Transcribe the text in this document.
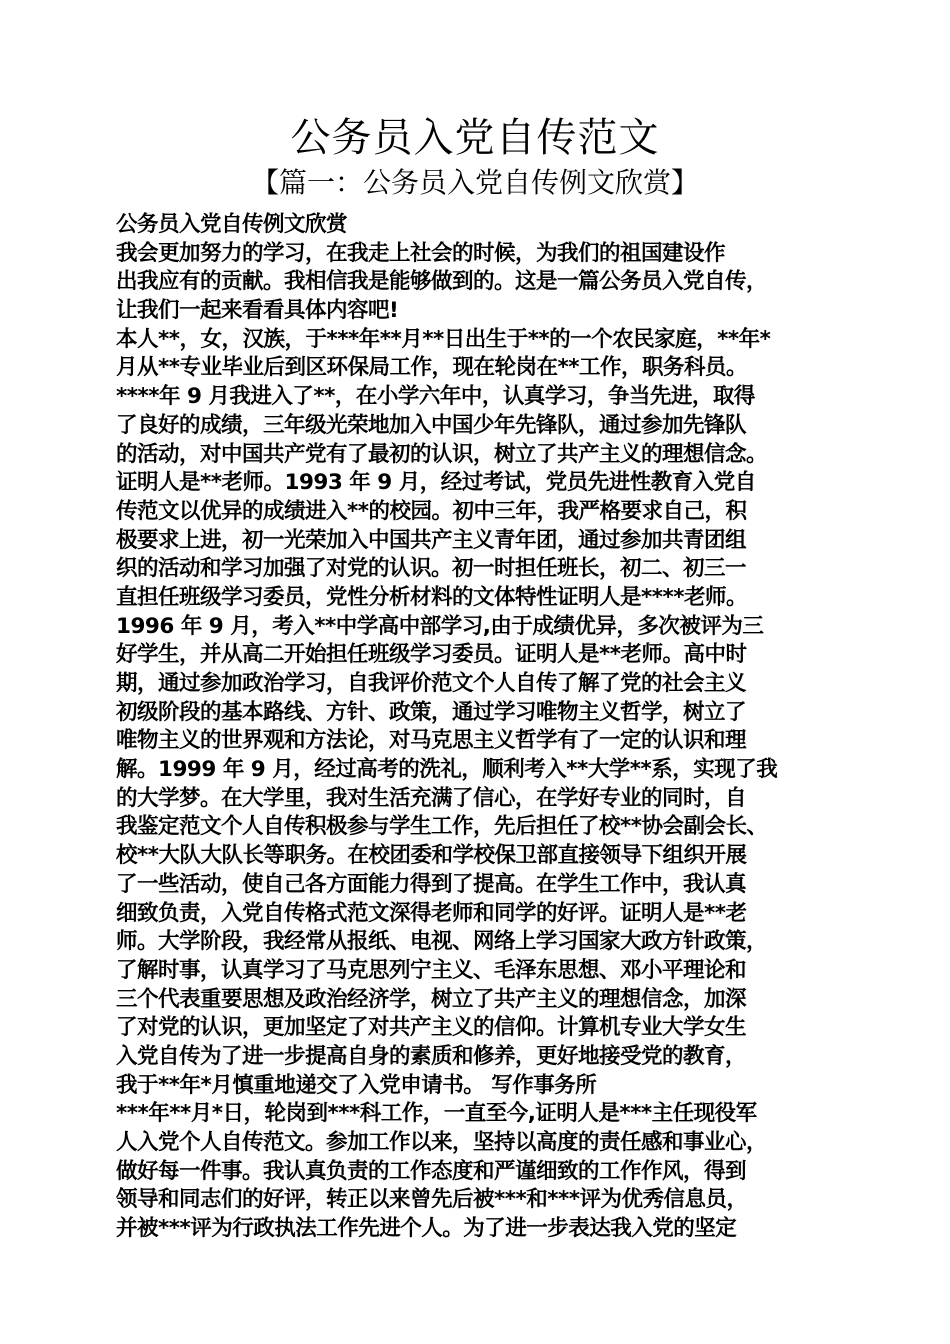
公务员入党自传范文
【篇一：公务员入党自传例文欣赏】
公务员入党自传例文欣赏
我会更加努力的学习，在我走上社会的时候，为我们的祖国建设作
出我应有的贡献。我相信我是能够做到的。这是一篇公务员入党自传，
让我们一起来看看具体内容吧!
本人**，女，汉族，于***年**月**日出生于**的一个农民家庭，**年*
月从**专业毕业后到区环保局工作，现在轮岗在**工作，职务科员。
****年 9 月我进入了**，在小学六年中，认真学习，争当先进，取得
了良好的成绩，三年级光荣地加入中国少年先锋队，通过参加先锋队
的活动，对中国共产党有了最初的认识，树立了共产主义的理想信念。
证明人是**老师。1993 年 9 月，经过考试，党员先进性教育入党自
传范文以优异的成绩进入**的校园。初中三年，我严格要求自己，积
极要求上进，初一光荣加入中国共产主义青年团，通过参加共青团组
织的活动和学习加强了对党的认识。初一时担任班长，初二、初三一
直担任班级学习委员，党性分析材料的文体特性证明人是****老师。
1996 年 9 月，考入**中学高中部学习,由于成绩优异，多次被评为三
好学生，并从高二开始担任班级学习委员。证明人是**老师。高中时
期，通过参加政治学习，自我评价范文个人自传了解了党的社会主义
初级阶段的基本路线、方针、政策，通过学习唯物主义哲学，树立了
唯物主义的世界观和方法论，对马克思主义哲学有了一定的认识和理
解。1999 年 9 月，经过高考的洗礼，顺利考入**大学**系，实现了我
的大学梦。在大学里，我对生活充满了信心，在学好专业的同时，自
我鉴定范文个人自传积极参与学生工作，先后担任了校**协会副会长、
校**大队大队长等职务。在校团委和学校保卫部直接领导下组织开展
了一些活动，使自己各方面能力得到了提高。在学生工作中，我认真
细致负责，入党自传格式范文深得老师和同学的好评。证明人是**老
师。大学阶段，我经常从报纸、电视、网络上学习国家大政方针政策，
了解时事，认真学习了马克思列宁主义、毛泽东思想、邓小平理论和
三个代表重要思想及政治经济学，树立了共产主义的理想信念，加深
了对党的认识，更加坚定了对共产主义的信仰。计算机专业大学女生
入党自传为了进一步提高自身的素质和修养，更好地接受党的教育，
我于**年*月慎重地递交了入党申请书。 写作事务所
***年**月*日，轮岗到***科工作，一直至今,证明人是***主任现役军
人入党个人自传范文。参加工作以来，坚持以高度的责任感和事业心，
做好每一件事。我认真负责的工作态度和严谨细致的工作作风，得到
领导和同志们的好评，转正以来曾先后被***和***评为优秀信息员，
并被***评为行政执法工作先进个人。为了进一步表达我入党的坚定
